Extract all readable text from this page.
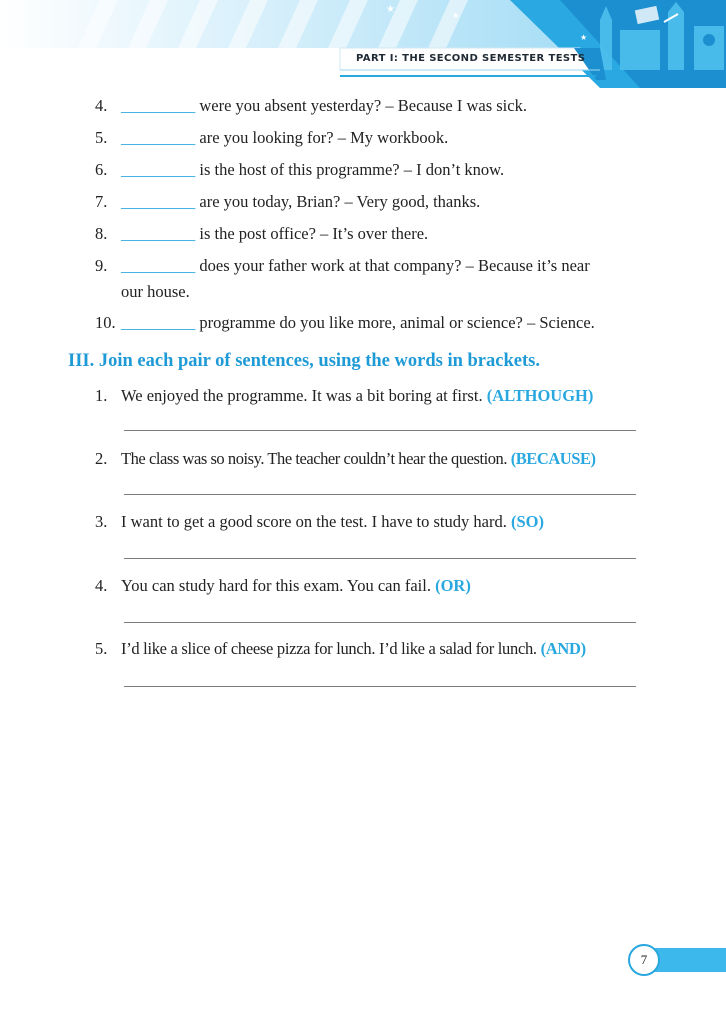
★
★
★
PART I: THE SECOND SEMESTER TESTS
4. _________ were you absent yesterday? – Because I was sick.
5. _________ are you looking for? – My workbook.
6. _________ is the host of this programme? – I don’t know.
7. _________ are you today, Brian? – Very good, thanks.
8. _________ is the post office? – It’s over there.
9. _________ does your father work at that company? – Because it’s near
our house.
10. _________ programme do you like more, animal or science? – Science.
III. Join each pair of sentences, using the words in brackets.
1. We enjoyed the programme. It was a bit boring at first. (ALTHOUGH)
2. The class was so noisy. The teacher couldn’t hear the question. (BECAUSE)
3. I want to get a good score on the test. I have to study hard. (SO)
4. You can study hard for this exam. You can fail. (OR)
5. I’d like a slice of cheese pizza for lunch. I’d like a salad for lunch. (AND)
7
